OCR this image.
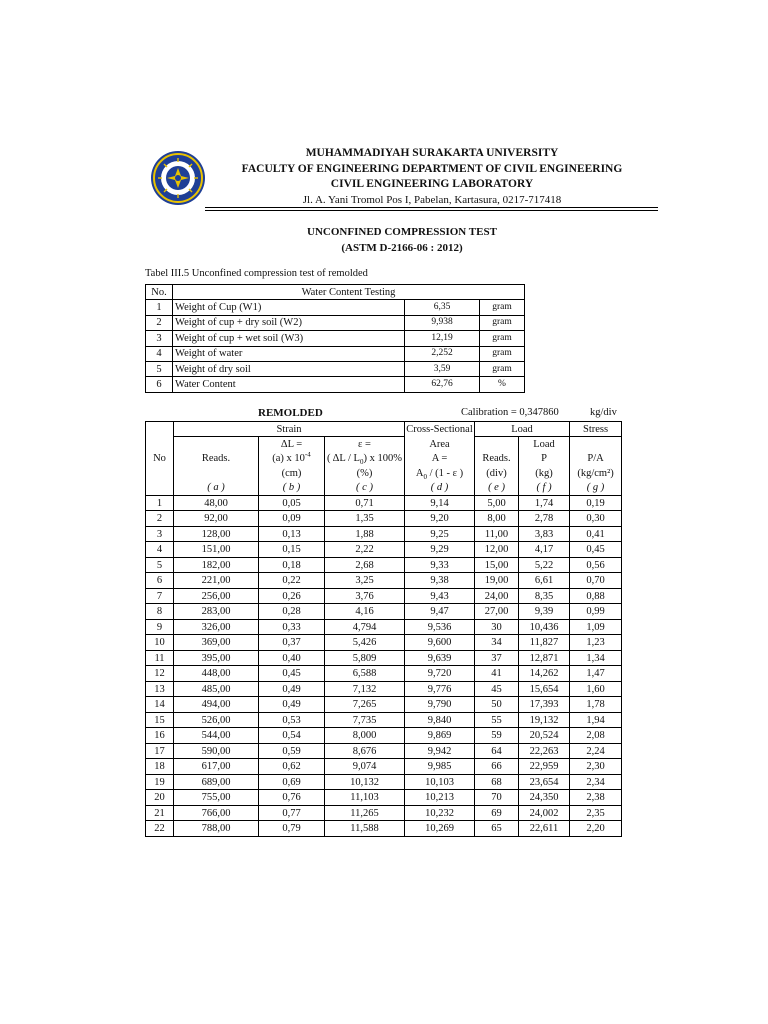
MUHAMMADIYAH SURAKARTA UNIVERSITY
FACULTY OF ENGINEERING DEPARTMENT OF CIVIL ENGINEERING
CIVIL ENGINEERING LABORATORY
Jl. A. Yani Tromol Pos I, Pabelan, Kartasura, 0217-717418
UNCONFINED COMPRESSION TEST
(ASTM D-2166-06 : 2012)
Tabel III.5 Unconfined compression test of remolded
No.	Water Content Testing		
1	Weight of Cup (W1)	6,35	gram
2	Weight of cup + dry soil (W2)	9,938	gram
3	Weight of cup + wet soil (W3)	12,19	gram
4	Weight of water	2,252	gram
5	Weight of dry soil	3,59	gram
6	Water Content	62,76	%
REMOLDED	Calibration = 0,347860	kg/div
	Strain			Cross-Sectional	Load		Stress
		ΔL =	ε =	Area		Load	
No	Reads.	(a) x $10^{-4}$	( ΔL / $L_0$) x 100%	A =	Reads.	P	P/A
		(cm)	(%)	$A_0 / (1$ - ε )	(div)	(kg)	(kg/cm²)
	( a )	( b )	( c )	( d )	( e )	( f )	( g )
1	48,00	0,05	0,71	9,14	5,00	1,74	0,19
2	92,00	0,09	1,35	9,20	8,00	2,78	0,30
3	128,00	0,13	1,88	9,25	11,00	3,83	0,41
4	151,00	0,15	2,22	9,29	12,00	4,17	0,45
5	182,00	0,18	2,68	9,33	15,00	5,22	0,56
6	221,00	0,22	3,25	9,38	19,00	6,61	0,70
7	256,00	0,26	3,76	9,43	24,00	8,35	0,88
8	283,00	0,28	4,16	9,47	27,00	9,39	0,99
9	326,00	0,33	4,794	9,536	30	10,436	1,09
10	369,00	0,37	5,426	9,600	34	11,827	1,23
11	395,00	0,40	5,809	9,639	37	12,871	1,34
12	448,00	0,45	6,588	9,720	41	14,262	1,47
13	485,00	0,49	7,132	9,776	45	15,654	1,60
14	494,00	0,49	7,265	9,790	50	17,393	1,78
15	526,00	0,53	7,735	9,840	55	19,132	1,94
16	544,00	0,54	8,000	9,869	59	20,524	2,08
17	590,00	0,59	8,676	9,942	64	22,263	2,24
18	617,00	0,62	9,074	9,985	66	22,959	2,30
19	689,00	0,69	10,132	10,103	68	23,654	2,34
20	755,00	0,76	11,103	10,213	70	24,350	2,38
21	766,00	0,77	11,265	10,232	69	24,002	2,35
22	788,00	0,79	11,588	10,269	65	22,611	2,20
